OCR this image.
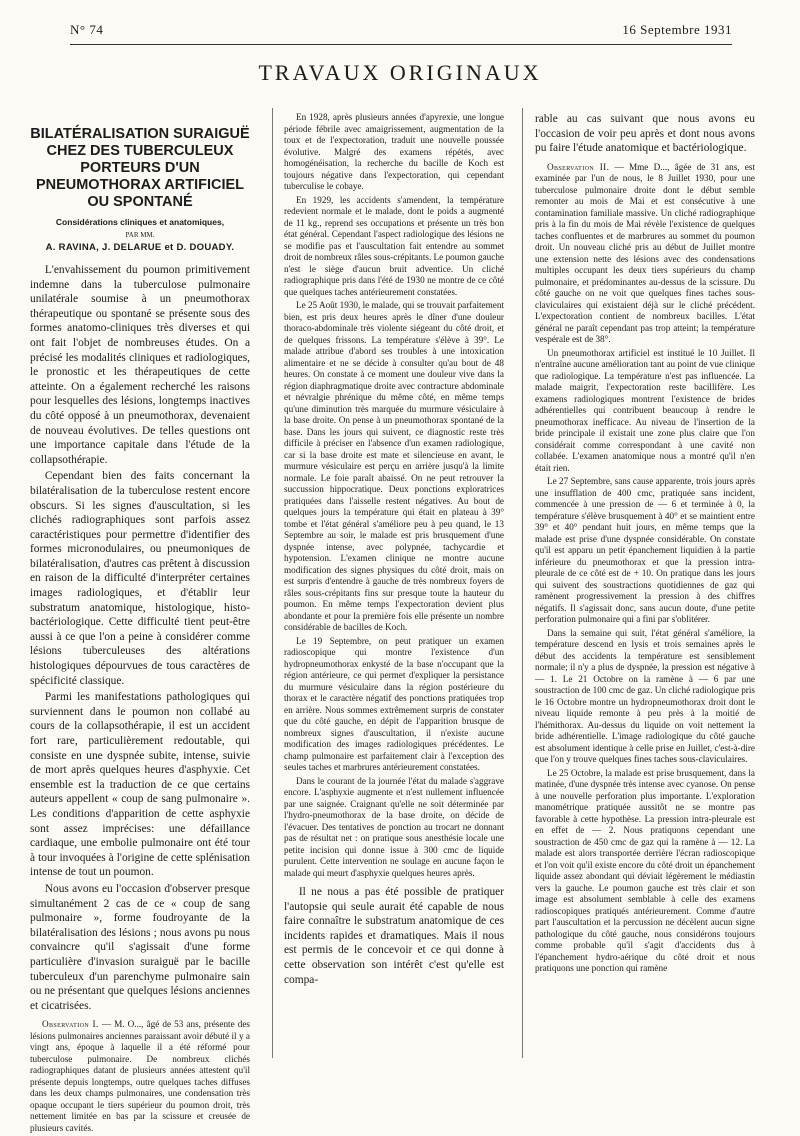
N° 74	16 Septembre 1931
TRAVAUX ORIGINAUX
BILATÉRALISATION SURAIGUË CHEZ DES TUBERCULEUX PORTEURS D'UN PNEUMOTHORAX ARTIFICIEL OU SPONTANÉ
Considérations cliniques et anatomiques,
PAR MM.
A. RAVINA, J. DELARUE et D. DOUADY.

L'envahissement du poumon primitivement indemne dans la tuberculose pulmonaire unilatérale soumise à un pneumothorax thérapeutique ou spontané se présente sous des formes anatomo-cliniques très diverses et qui ont fait l'objet de nombreuses études. On a précisé les modalités cliniques et radiologiques, le pronostic et les thérapeutiques de cette atteinte. On a également recherché les raisons pour lesquelles des lésions, longtemps inactives du côté opposé à un pneumothorax, devenaient de nouveau évolutives. De telles questions ont une importance capitale dans l'étude de la collapsothérapie.

Cependant bien des faits concernant la bilatéralisation de la tuberculose restent encore obscurs. Si les signes d'auscultation, si les clichés radiographiques sont parfois assez caractéristiques pour permettre d'identifier des formes micronodulaires, ou pneumoniques de bilatéralisation, d'autres cas prêtent à discussion en raison de la difficulté d'interpréter certaines images radiologiques, et d'établir leur substratum anatomique, histologique, histo-bactériologique. Cette difficulté tient peut-être aussi à ce que l'on a peine à considérer comme lésions tuberculeuses des altérations histologiques dépourvues de tous caractères de spécificité classique.

Parmi les manifestations pathologiques qui surviennent dans le poumon non collabé au cours de la collapsothérapie, il est un accident fort rare, particulièrement redoutable, qui consiste en une dyspnée subite, intense, suivie de mort après quelques heures d'asphyxie. Cet ensemble est la traduction de ce que certains auteurs appellent « coup de sang pulmonaire ». Les conditions d'apparition de cette asphyxie sont assez imprécises: une défaillance cardiaque, une embolie pulmonaire ont été tour à tour invoquées à l'origine de cette splénisation intense de tout un poumon.

Nous avons eu l'occasion d'observer presque simultanément 2 cas de ce « coup de sang pulmonaire », forme foudroyante de la bilatéralisation des lésions ; nous avons pu nous convaincre qu'il s'agissait d'une forme particulière d'invasion suraiguë par le bacille tuberculeux d'un parenchyme pulmonaire sain ou ne présentant que quelques lésions anciennes et cicatrisées.

Observation I. — M. O..., âgé de 53 ans, présente des lésions pulmonaires anciennes paraissant avoir débuté il y a vingt ans, époque à laquelle il a été réformé pour tuberculose pulmonaire. De nombreux clichés radiographiques datant de plusieurs années attestent qu'il présente depuis longtemps, outre quelques taches diffuses dans les deux champs pulmonaires, une condensation très opaque occupant le tiers supérieur du poumon droit, très nettement limitée en bas par la scissure et creusée de plusieurs cavités.

En 1928, après plusieurs années d'apyrexie, une longue période fébrile avec amaigrissement, augmentation de la toux et de l'expectoration, traduit une nouvelle poussée évolutive. Malgré des examens répétés, avec homogénéisation, la recherche du bacille de Koch est toujours négative dans l'expectoration, qui cependant tuberculise le cobaye.

En 1929, les accidents s'amendent, la température redevient normale et le malade, dont le poids a augmenté de 11 kg., reprend ses occupations et présente un très bon état général. Cependant l'aspect radiologique des lésions ne se modifie pas et l'auscultation fait entendre au sommet droit de nombreux râles sous-crépitants. Le poumon gauche n'est le siège d'aucun bruit adventice. Un cliché radiographique pris dans l'été de 1930 ne montre de ce côté que quelques taches antérieurement constatées.

Le 25 Août 1930, le malade, qui se trouvait parfaitement bien, est pris deux heures après le dîner d'une douleur thoraco-abdominale très violente siégeant du côté droit, et de quelques frissons. La température s'élève à 39°. Le malade attribue d'abord ses troubles à une intoxication alimentaire et ne se décide à consulter qu'au bout de 48 heures. On constate à ce moment une douleur vive dans la région diaphragmatique droite avec contracture abdominale et névralgie phrénique du même côté, en même temps qu'une diminution très marquée du murmure vésiculaire à la base droite. On pense à un pneumothorax spontané de la base. Dans les jours qui suivent, ce diagnostic reste très difficile à préciser en l'absence d'un examen radiologique, car si la base droite est mate et silencieuse en avant, le murmure vésiculaire est perçu en arrière jusqu'à la limite normale. Le foie paraît abaissé. On ne peut retrouver la succussion hippocratique. Deux ponctions exploratrices pratiquées dans l'aisselle restent négatives. Au bout de quelques jours la température qui était en plateau à 39° tombe et l'état général s'améliore peu à peu quand, le 13 Septembre au soir, le malade est pris brusquement d'une dyspnée intense, avec polypnée, tachycardie et hypotension. L'examen clinique ne montre aucune modification des signes physiques du côté droit, mais on est surpris d'entendre à gauche de très nombreux foyers de râles sous-crépitants fins sur presque toute la hauteur du poumon. En même temps l'expectoration devient plus abondante et pour la première fois elle présente un nombre considérable de bacilles de Koch.

Le 19 Septembre, on peut pratiquer un examen radioscopique qui montre l'existence d'un hydropneumothorax enkysté de la base n'occupant que la région antérieure, ce qui permet d'expliquer la persistance du murmure vésiculaire dans la région postérieure du thorax et le caractère négatif des ponctions pratiquées trop en arrière. Nous sommes extrêmement surpris de constater que du côté gauche, en dépit de l'apparition brusque de nombreux signes d'auscultation, il n'existe aucune modification des images radiologiques précédentes. Le champ pulmonaire est parfaitement clair à l'exception des seules taches et marbrures antérieurement constatées.

Dans le courant de la journée l'état du malade s'aggrave encore. L'asphyxie augmente et n'est nullement influencée par une saignée. Craignant qu'elle ne soit déterminée par l'hydro-pneumothorax de la base droite, on décide de l'évacuer. Des tentatives de ponction au trocart ne donnant pas de résultat net : on pratique sous anesthésie locale une petite incision qui donne issue à 300 cmc de liquide purulent. Cette intervention ne soulage en aucune façon le malade qui meurt d'asphyxie quelques heures après.

Il ne nous a pas été possible de pratiquer l'autopsie qui seule aurait été capable de nous faire connaître le substratum anatomique de ces incidents rapides et dramatiques. Mais il nous est permis de le concevoir et ce qui donne à cette observation son intérêt c'est qu'elle est compa-

rable au cas suivant que nous avons eu l'occasion de voir peu après et dont nous avons pu faire l'étude anatomique et bactériologique.

Observation II. — Mme D..., âgée de 31 ans, est examinée par l'un de nous, le 8 Juillet 1930, pour une tuberculose pulmonaire droite dont le début semble remonter au mois de Mai et est consécutive à une contamination familiale massive. Un cliché radiographique pris à la fin du mois de Mai révèle l'existence de quelques taches confluentes et de marbrures au sommet du poumon droit. Un nouveau cliché pris au début de Juillet montre une extension nette des lésions avec des condensations multiples occupant les deux tiers supérieurs du champ pulmonaire, et prédominantes au-dessus de la scissure. Du côté gauche on ne voit que quelques fines taches sous-claviculaires qui existaient déjà sur le cliché précédent. L'expectoration contient de nombreux bacilles. L'état général ne paraît cependant pas trop atteint; la température vespérale est de 38°.

Un pneumothorax artificiel est institué le 10 Juillet. Il n'entraîne aucune amélioration tant au point de vue clinique que radiologique. La température n'est pas influencée. La malade maigrit, l'expectoration reste bacillifère. Les examens radiologiques montrent l'existence de brides adhérentielles qui contribuent beaucoup à rendre le pneumothorax inefficace. Au niveau de l'insertion de la bride principale il existait une zone plus claire que l'on considérait comme correspondant à une cavité non collabée. L'examen anatomique nous a montré qu'il n'en était rien.

Le 27 Septembre, sans cause apparente, trois jours après une insufflation de 400 cmc, pratiquée sans incident, commencée à une pression de — 6 et terminée à 0, la température s'élève brusquement à 40° et se maintient entre 39° et 40° pendant huit jours, en même temps que la malade est prise d'une dyspnée considérable. On constate qu'il est apparu un petit épanchement liquidien à la partie inférieure du pneumothorax et que la pression intra-pleurale de ce côté est de + 10. On pratique dans les jours qui suivent des soustractions quotidiennes de gaz qui ramènent progressivement la pression à des chiffres négatifs. Il s'agissait donc, sans aucun doute, d'une petite perforation pulmonaire qui a fini par s'oblitérer.

Dans la semaine qui suit, l'état général s'améliore, la température descend en lysis et trois semaines après le début des accidents la température est sensiblement normale; il n'y a plus de dyspnée, la pression est négative à — 1. Le 21 Octobre on la ramène à — 6 par une soustraction de 100 cmc de gaz. Un cliché radiologique pris le 16 Octobre montre un hydropneumothorax droit dont le niveau liquide remonte à peu près à la moitié de l'hémithorax. Au-dessus du liquide on voit nettement la bride adhérentielle. L'image radiologique du côté gauche est absolument identique à celle prise en Juillet, c'est-à-dire que l'on y trouve quelques fines taches sous-claviculaires.

Le 25 Octobre, la malade est prise brusquement, dans la matinée, d'une dyspnée très intense avec cyanose. On pense à une nouvelle perforation plus importante. L'exploration manométrique pratiquée aussitôt ne se montre pas favorable à cette hypothèse. La pression intra-pleurale est en effet de — 2. Nous pratiquons cependant une soustraction de 450 cmc de gaz qui la ramène à — 12. La malade est alors transportée derrière l'écran radioscopique et l'on voit qu'il existe encore du côté droit un épanchement liquide assez abondant qui déviait légèrement le médiastin vers la gauche. Le poumon gauche est très clair et son image est absolument semblable à celle des examens radioscopiques pratiqués antérieurement. Comme d'autre part l'auscultation et la percussion ne décèlent aucun signe pathologique du côté gauche, nous considérons toujours comme probable qu'il s'agit d'accidents dus à l'épanchement hydro-aérique du côté droit et nous pratiquons une ponction qui ramène
